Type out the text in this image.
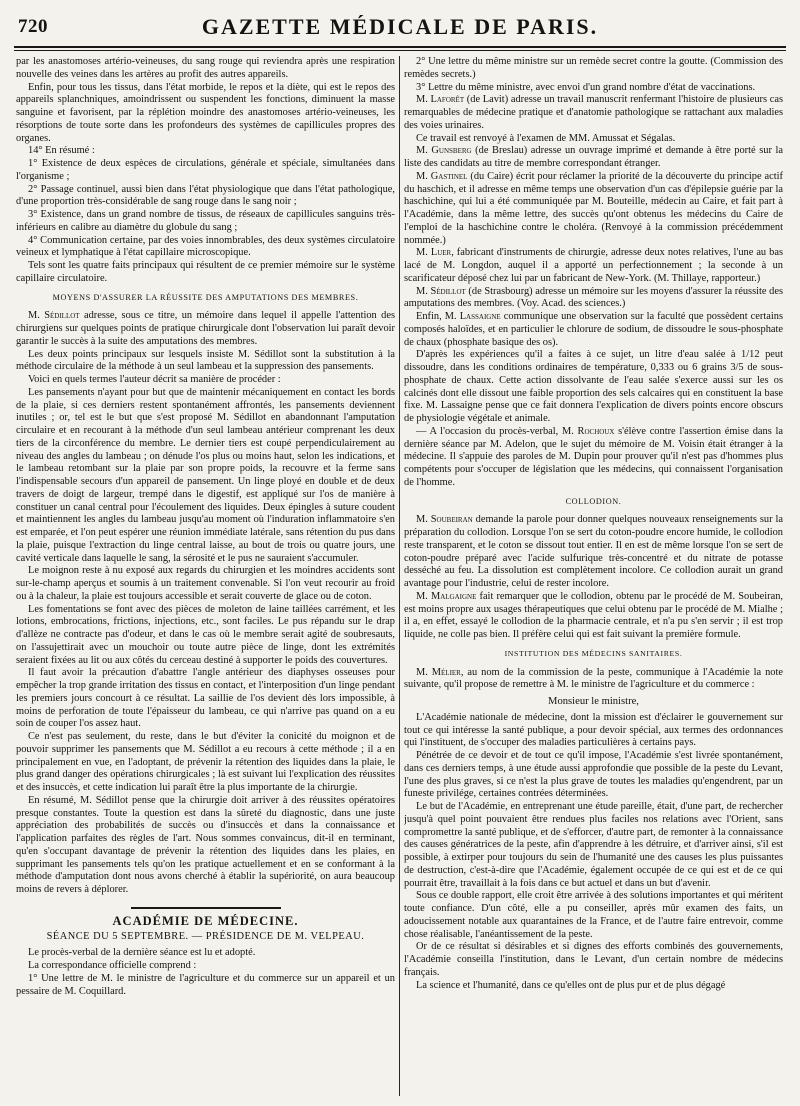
720	GAZETTE MÉDICALE DE PARIS.

par les anastomoses artério-veineuses, du sang rouge qui reviendra après une respiration nouvelle des veines dans les artères au profit des autres appareils.

Enfin, pour tous les tissus, dans l'état morbide, le repos et la diète, qui est le repos des appareils splanchniques, amoindrissent ou suspendent les fonctions, diminuent la masse sanguine et favorisent, par la réplétion moindre des anastomoses artério-veineuses, les résorptions de toute sorte dans les profondeurs des systèmes de capillicules propres des organes.

14° En résumé :

1° Existence de deux espèces de circulations, générale et spéciale, simultanées dans l'organisme ;

2° Passage continuel, aussi bien dans l'état physiologique que dans l'état pathologique, d'une proportion très-considérable de sang rouge dans le sang noir ;

3° Existence, dans un grand nombre de tissus, de réseaux de capillicules sanguins très-inférieurs en calibre au diamètre du globule du sang ;

4° Communication certaine, par des voies innombrables, des deux systèmes circulatoire veineux et lymphatique à l'état capillaire microscopique.

Tels sont les quatre faits principaux qui résultent de ce premier mémoire sur le système capillaire circulatoire.

MOYENS D'ASSURER LA RÉUSSITE DES AMPUTATIONS DES MEMBRES.

M. Sédillot adresse, sous ce titre, un mémoire dans lequel il appelle l'attention des chirurgiens sur quelques points de pratique chirurgicale dont l'observation lui paraît devoir garantir le succès à la suite des amputations des membres.

Les deux points principaux sur lesquels insiste M. Sédillot sont la substitution à la méthode circulaire de la méthode à un seul lambeau et la suppression des pansements.

Voici en quels termes l'auteur décrit sa manière de procéder :

Les pansements n'ayant pour but que de maintenir mécaniquement en contact les bords de la plaie, si ces derniers restent spontanément affrontés, les pansements deviennent inutiles ; or, tel est le but que s'est proposé M. Sédillot en abandonnant l'amputation circulaire et en recourant à la méthode d'un seul lambeau antérieur comprenant les deux tiers de la circonférence du membre. Le dernier tiers est coupé perpendiculairement au niveau des angles du lambeau ; on dénude l'os plus ou moins haut, selon les indications, et le lambeau retombant sur la plaie par son propre poids, la recouvre et la ferme sans l'indispensable secours d'un appareil de pansement. Un linge ployé en double et de deux travers de doigt de largeur, trempé dans le digestif, est appliqué sur l'os de manière à constituer un canal central pour l'écoulement des liquides. Deux épingles à suture coudent et maintiennent les angles du lambeau jusqu'au moment où l'induration inflammatoire s'en est emparée, et l'on peut espérer une réunion immédiate latérale, sans rétention du pus dans la plaie, puisque l'extraction du linge central laisse, au bout de trois ou quatre jours, une cavité verticale dans laquelle le sang, la sérosité et le pus ne sauraient s'accumuler.

Le moignon reste à nu exposé aux regards du chirurgien et les moindres accidents sont sur-le-champ aperçus et soumis à un traitement convenable. Si l'on veut recourir au froid ou à la chaleur, la plaie est toujours accessible et serait couverte de glace ou de coton.

Les fomentations se font avec des pièces de moleton de laine taillées carrément, et les lotions, embrocations, frictions, injections, etc., sont faciles. Le pus répandu sur le drap d'allèze ne contracte pas d'odeur, et dans le cas où le membre serait agité de soubresauts, on l'assujettirait avec un mouchoir ou toute autre pièce de linge, dont les extrémités seraient fixées au lit ou aux côtés du cerceau destiné à supporter le poids des couvertures.

Il faut avoir la précaution d'abattre l'angle antérieur des diaphyses osseuses pour empêcher la trop grande irritation des tissus en contact, et l'interposition d'un linge pendant les premiers jours concourt à ce résultat. La saillie de l'os devient dès lors impossible, à moins de perforation de toute l'épaisseur du lambeau, ce qui n'arrive pas quand on a eu soin de couper l'os assez haut.

Ce n'est pas seulement, du reste, dans le but d'éviter la conicité du moignon et de pouvoir supprimer les pansements que M. Sédillot a eu recours à cette méthode ; il a en principalement en vue, en l'adoptant, de prévenir la rétention des liquides dans la plaie, le plus grand danger des opérations chirurgicales ; là est suivant lui l'explication des réussites et des insuccès, et cette indication lui paraît être la plus importante de la chirurgie.

En résumé, M. Sédillot pense que la chirurgie doit arriver à des réussites opératoires presque constantes. Toute la question est dans la sûreté du diagnostic, dans une juste appréciation des probabilités de succès ou d'insuccès et dans la connaissance et l'application parfaites des règles de l'art. Nous sommes convaincus, dit-il en terminant, qu'en s'occupant davantage de prévenir la rétention des liquides dans les plaies, en supprimant les pansements tels qu'on les pratique actuellement et en se conformant à la méthode d'amputation dont nous avons cherché à établir la supériorité, on aura beaucoup moins de revers à déplorer.

ACADÉMIE DE MÉDECINE.
SÉANCE DU 5 SEPTEMBRE. — PRÉSIDENCE DE M. VELPEAU.

Le procès-verbal de la dernière séance est lu et adopté.

La correspondance officielle comprend :

1° Une lettre de M. le ministre de l'agriculture et du commerce sur un appareil et un pessaire de M. Coquillard.

2° Une lettre du même ministre sur un remède secret contre la goutte. (Commission des remèdes secrets.)

3° Lettre du même ministre, avec envoi d'un grand nombre d'état de vaccinations.

M. Laforêt (de Lavit) adresse un travail manuscrit renfermant l'histoire de plusieurs cas remarquables de médecine pratique et d'anatomie pathologique se rattachant aux maladies des voies urinaires.

Ce travail est renvoyé à l'examen de MM. Amussat et Ségalas.

M. Gunsberg (de Breslau) adresse un ouvrage imprimé et demande à être porté sur la liste des candidats au titre de membre correspondant étranger.

M. Gastinel (du Caire) écrit pour réclamer la priorité de la découverte du principe actif du haschich, et il adresse en même temps une observation d'un cas d'épilepsie guérie par la haschichine, qui lui a été communiquée par M. Bouteille, médecin au Caire, et fait part à l'Académie, dans la même lettre, des succès qu'ont obtenus les médecins du Caire de l'emploi de la haschichine contre le choléra. (Renvoyé à la commission précédemment nommée.)

M. Luer, fabricant d'instruments de chirurgie, adresse deux notes relatives, l'une au bas lacé de M. Longdon, auquel il a apporté un perfectionnement ; la seconde à un scarificateur déposé chez lui par un fabricant de New-York. (M. Thillaye, rapporteur.)

M. Sédillot (de Strasbourg) adresse un mémoire sur les moyens d'assurer la réussite des amputations des membres. (Voy. Acad. des sciences.)

Enfin, M. Lassaigne communique une observation sur la faculté que possèdent certains composés haloïdes, et en particulier le chlorure de sodium, de dissoudre le sous-phosphate de chaux (phosphate basique des os).

D'après les expériences qu'il a faites à ce sujet, un litre d'eau salée à 1/12 peut dissoudre, dans les conditions ordinaires de température, 0,333 ou 6 grains 3/5 de sous-phosphate de chaux. Cette action dissolvante de l'eau salée s'exerce aussi sur les os calcinés dont elle dissout une faible proportion des sels calcaires qui en constituent la base fixe. M. Lassaigne pense que ce fait donnera l'explication de divers points encore obscurs de physiologie végétale et animale.

— A l'occasion du procès-verbal, M. Rochoux s'élève contre l'assertion émise dans la dernière séance par M. Adelon, que le sujet du mémoire de M. Voisin était étranger à la médecine. Il s'appuie des paroles de M. Dupin pour prouver qu'il n'est pas d'hommes plus compétents pour s'occuper de législation que les médecins, qui connaissent l'organisation de l'homme.

COLLODION.

M. Soubeiran demande la parole pour donner quelques nouveaux renseignements sur la préparation du collodion. Lorsque l'on se sert du coton-poudre encore humide, le collodion reste transparent, et le coton se dissout tout entier. Il en est de même lorsque l'on se sert de coton-poudre préparé avec l'acide sulfurique très-concentré et du nitrate de potasse desséché au feu. La dissolution est complètement incolore. Ce collodion aurait un grand avantage pour l'industrie, celui de rester incolore.

M. Malgaigne fait remarquer que le collodion, obtenu par le procédé de M. Soubeiran, est moins propre aux usages thérapeutiques que celui obtenu par le procédé de M. Mialhe ; il a, en effet, essayé le collodion de la pharmacie centrale, et n'a pu s'en servir ; il est trop liquide, ne colle pas bien. Il préfère celui qui est fait suivant la première formule.

INSTITUTION DES MÉDECINS SANITAIRES.

M. Mélier, au nom de la commission de la peste, communique à l'Académie la note suivante, qu'il propose de remettre à M. le ministre de l'agriculture et du commerce :

Monsieur le ministre,

L'Académie nationale de médecine, dont la mission est d'éclairer le gouvernement sur tout ce qui intéresse la santé publique, a pour devoir spécial, aux termes des ordonnances qui l'instituent, de s'occuper des maladies particulières à certains pays.

Pénétrée de ce devoir et de tout ce qu'il impose, l'Académie s'est livrée spontanément, dans ces derniers temps, à une étude aussi approfondie que possible de la peste du Levant, l'une des plus graves, si ce n'est la plus grave de toutes les maladies qu'engendrent, par un funeste privilége, certaines contrées déterminées.

Le but de l'Académie, en entreprenant une étude pareille, était, d'une part, de rechercher jusqu'à quel point pouvaient être rendues plus faciles nos relations avec l'Orient, sans compromettre la santé publique, et de s'efforcer, d'autre part, de remonter à la connaissance des causes génératrices de la peste, afin d'apprendre à les détruire, et d'arriver ainsi, s'il est possible, à extirper pour toujours du sein de l'humanité une des causes les plus puissantes de destruction, c'est-à-dire que l'Académie, également occupée de ce qui est et de ce qui pourrait être, travaillait à la fois dans ce but actuel et dans un but d'avenir.

Sous ce double rapport, elle croit être arrivée à des solutions importantes et qui méritent toute confiance. D'un côté, elle a pu conseiller, après mûr examen des faits, un adoucissement notable aux quarantaines de la France, et de l'autre faire entrevoir, comme chose réalisable, l'anéantissement de la peste.

Or de ce résultat si désirables et si dignes des efforts combinés des gouvernements, l'Académie conseilla l'institution, dans le Levant, d'un certain nombre de médecins français.

La science et l'humanité, dans ce qu'elles ont de plus pur et de plus dégagé
